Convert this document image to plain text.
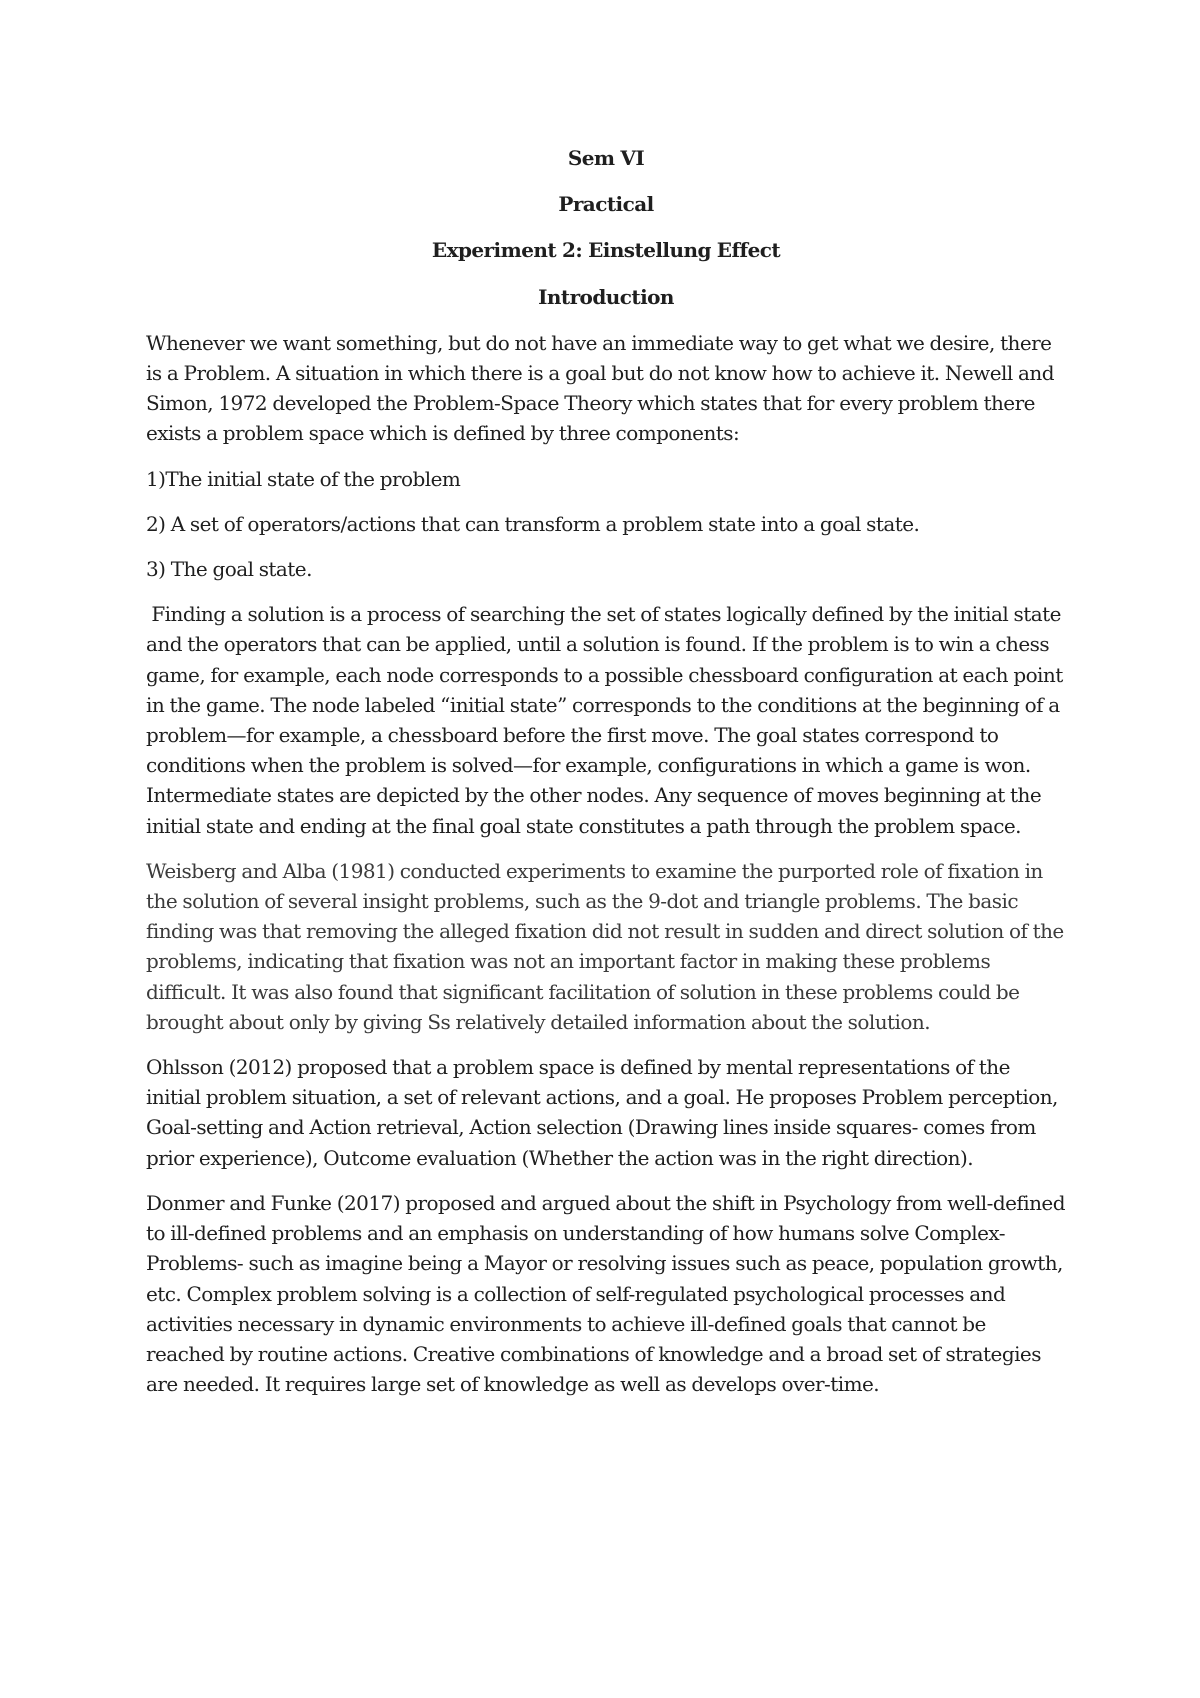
Sem VI
Practical
Experiment 2: Einstellung Effect
Introduction

Whenever we want something, but do not have an immediate way to get what we desire, there is a Problem. A situation in which there is a goal but do not know how to achieve it. Newell and Simon, 1972 developed the Problem-Space Theory which states that for every problem there exists a problem space which is defined by three components:

1)The initial state of the problem

2) A set of operators/actions that can transform a problem state into a goal state.

3) The goal state.

Finding a solution is a process of searching the set of states logically defined by the initial state and the operators that can be applied, until a solution is found. If the problem is to win a chess game, for example, each node corresponds to a possible chessboard configuration at each point in the game. The node labeled “initial state” corresponds to the conditions at the beginning of a problem—for example, a chessboard before the first move. The goal states correspond to conditions when the problem is solved—for example, configurations in which a game is won. Intermediate states are depicted by the other nodes. Any sequence of moves beginning at the initial state and ending at the final goal state constitutes a path through the problem space.

Weisberg and Alba (1981) conducted experiments to examine the purported role of fixation in the solution of several insight problems, such as the 9-dot and triangle problems. The basic finding was that removing the alleged fixation did not result in sudden and direct solution of the problems, indicating that fixation was not an important factor in making these problems difficult. It was also found that significant facilitation of solution in these problems could be brought about only by giving Ss relatively detailed information about the solution.

Ohlsson (2012) proposed that a problem space is defined by mental representations of the initial problem situation, a set of relevant actions, and a goal. He proposes Problem perception, Goal-setting and Action retrieval, Action selection (Drawing lines inside squares- comes from prior experience), Outcome evaluation (Whether the action was in the right direction).

Donmer and Funke (2017) proposed and argued about the shift in Psychology from well-defined to ill-defined problems and an emphasis on understanding of how humans solve Complex-Problems- such as imagine being a Mayor or resolving issues such as peace, population growth, etc. Complex problem solving is a collection of self-regulated psychological processes and activities necessary in dynamic environments to achieve ill-defined goals that cannot be reached by routine actions. Creative combinations of knowledge and a broad set of strategies are needed. It requires large set of knowledge as well as develops over-time.
